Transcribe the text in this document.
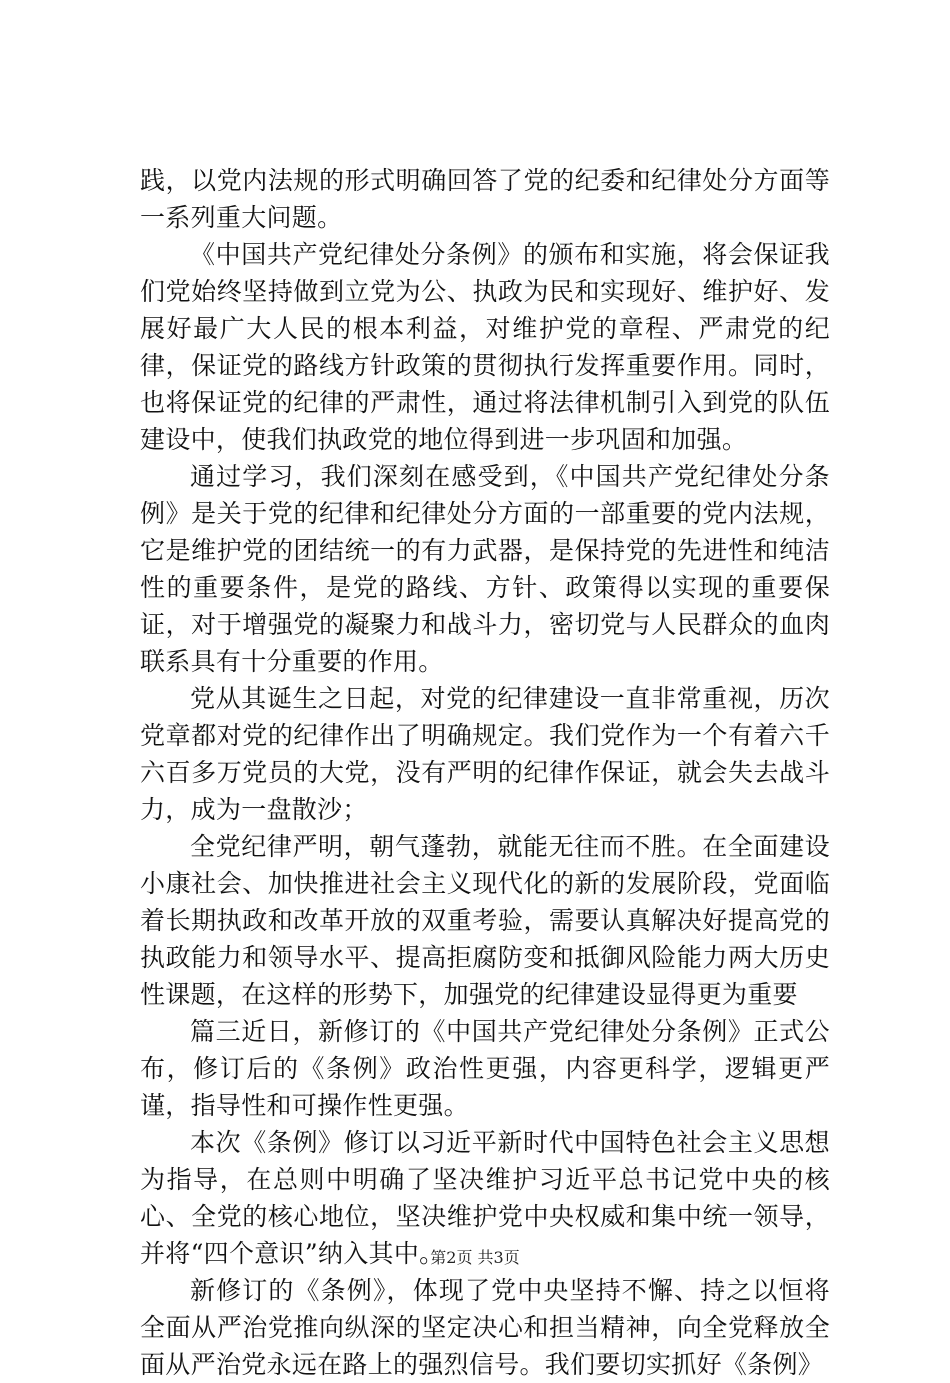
践，以党内法规的形式明确回答了党的纪委和纪律处分方面等一系列重大问题。

《中国共产党纪律处分条例》的颁布和实施，将会保证我们党始终坚持做到立党为公、执政为民和实现好、维护好、发展好最广大人民的根本利益，对维护党的章程、严肃党的纪律，保证党的路线方针政策的贯彻执行发挥重要作用。同时，也将保证党的纪律的严肃性，通过将法律机制引入到党的队伍建设中，使我们执政党的地位得到进一步巩固和加强。

通过学习，我们深刻在感受到，《中国共产党纪律处分条例》是关于党的纪律和纪律处分方面的一部重要的党内法规，它是维护党的团结统一的有力武器，是保持党的先进性和纯洁性的重要条件，是党的路线、方针、政策得以实现的重要保证，对于增强党的凝聚力和战斗力，密切党与人民群众的血肉联系具有十分重要的作用。

党从其诞生之日起，对党的纪律建设一直非常重视，历次党章都对党的纪律作出了明确规定。我们党作为一个有着六千六百多万党员的大党，没有严明的纪律作保证，就会失去战斗力，成为一盘散沙；

全党纪律严明，朝气蓬勃，就能无往而不胜。在全面建设小康社会、加快推进社会主义现代化的新的发展阶段，党面临着长期执政和改革开放的双重考验，需要认真解决好提高党的执政能力和领导水平、提高拒腐防变和抵御风险能力两大历史性课题，在这样的形势下，加强党的纪律建设显得更为重要

篇三近日，新修订的《中国共产党纪律处分条例》正式公布，修订后的《条例》政治性更强，内容更科学，逻辑更严谨，指导性和可操作性更强。

本次《条例》修订以习近平新时代中国特色社会主义思想为指导，在总则中明确了坚决维护习近平总书记党中央的核心、全党的核心地位，坚决维护党中央权威和集中统一领导，并将“四个意识”纳入其中。

新修订的《条例》，体现了党中央坚持不懈、持之以恒将全面从严治党推向纵深的坚定决心和担当精神，向全党释放全面从严治党永远在路上的强烈信号。我们要切实抓好《条例》

第2页 共3页
